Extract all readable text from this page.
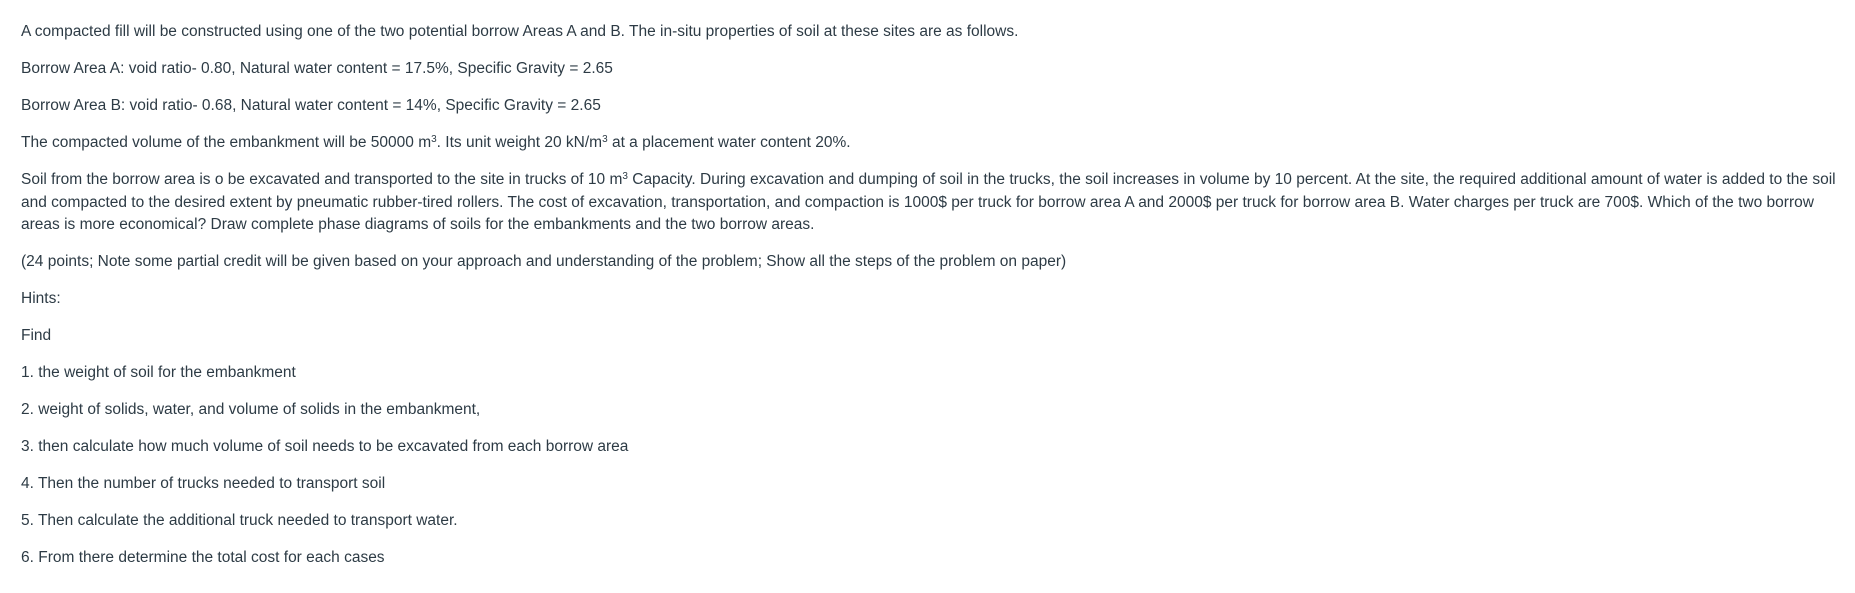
A compacted fill will be constructed using one of the two potential borrow Areas A and B. The in-situ properties of soil at these sites are as follows.

Borrow Area A: void ratio- 0.80, Natural water content = 17.5%, Specific Gravity = 2.65

Borrow Area B: void ratio- 0.68, Natural water content = 14%, Specific Gravity = 2.65

The compacted volume of the embankment will be 50000 $m^3$. Its unit weight 20 $kN/m^3$ at a placement water content 20%.

Soil from the borrow area is o be excavated and transported to the site in trucks of 10 $m^3$ Capacity. During excavation and dumping of soil in the trucks, the soil increases in volume by 10 percent. At the site, the required additional amount of water is added to the soil and compacted to the desired extent by pneumatic rubber-tired rollers. The cost of excavation, transportation, and compaction is 1000$ per truck for borrow area A and 2000$ per truck for borrow area B. Water charges per truck are 700$. Which of the two borrow areas is more economical? Draw complete phase diagrams of soils for the embankments and the two borrow areas.

(24 points; Note some partial credit will be given based on your approach and understanding of the problem; Show all the steps of the problem on paper)

Hints:

Find

1. the weight of soil for the embankment

2. weight of solids, water, and volume of solids in the embankment,

3. then calculate how much volume of soil needs to be excavated from each borrow area

4. Then the number of trucks needed to transport soil

5. Then calculate the additional truck needed to transport water.

6. From there determine the total cost for each cases
